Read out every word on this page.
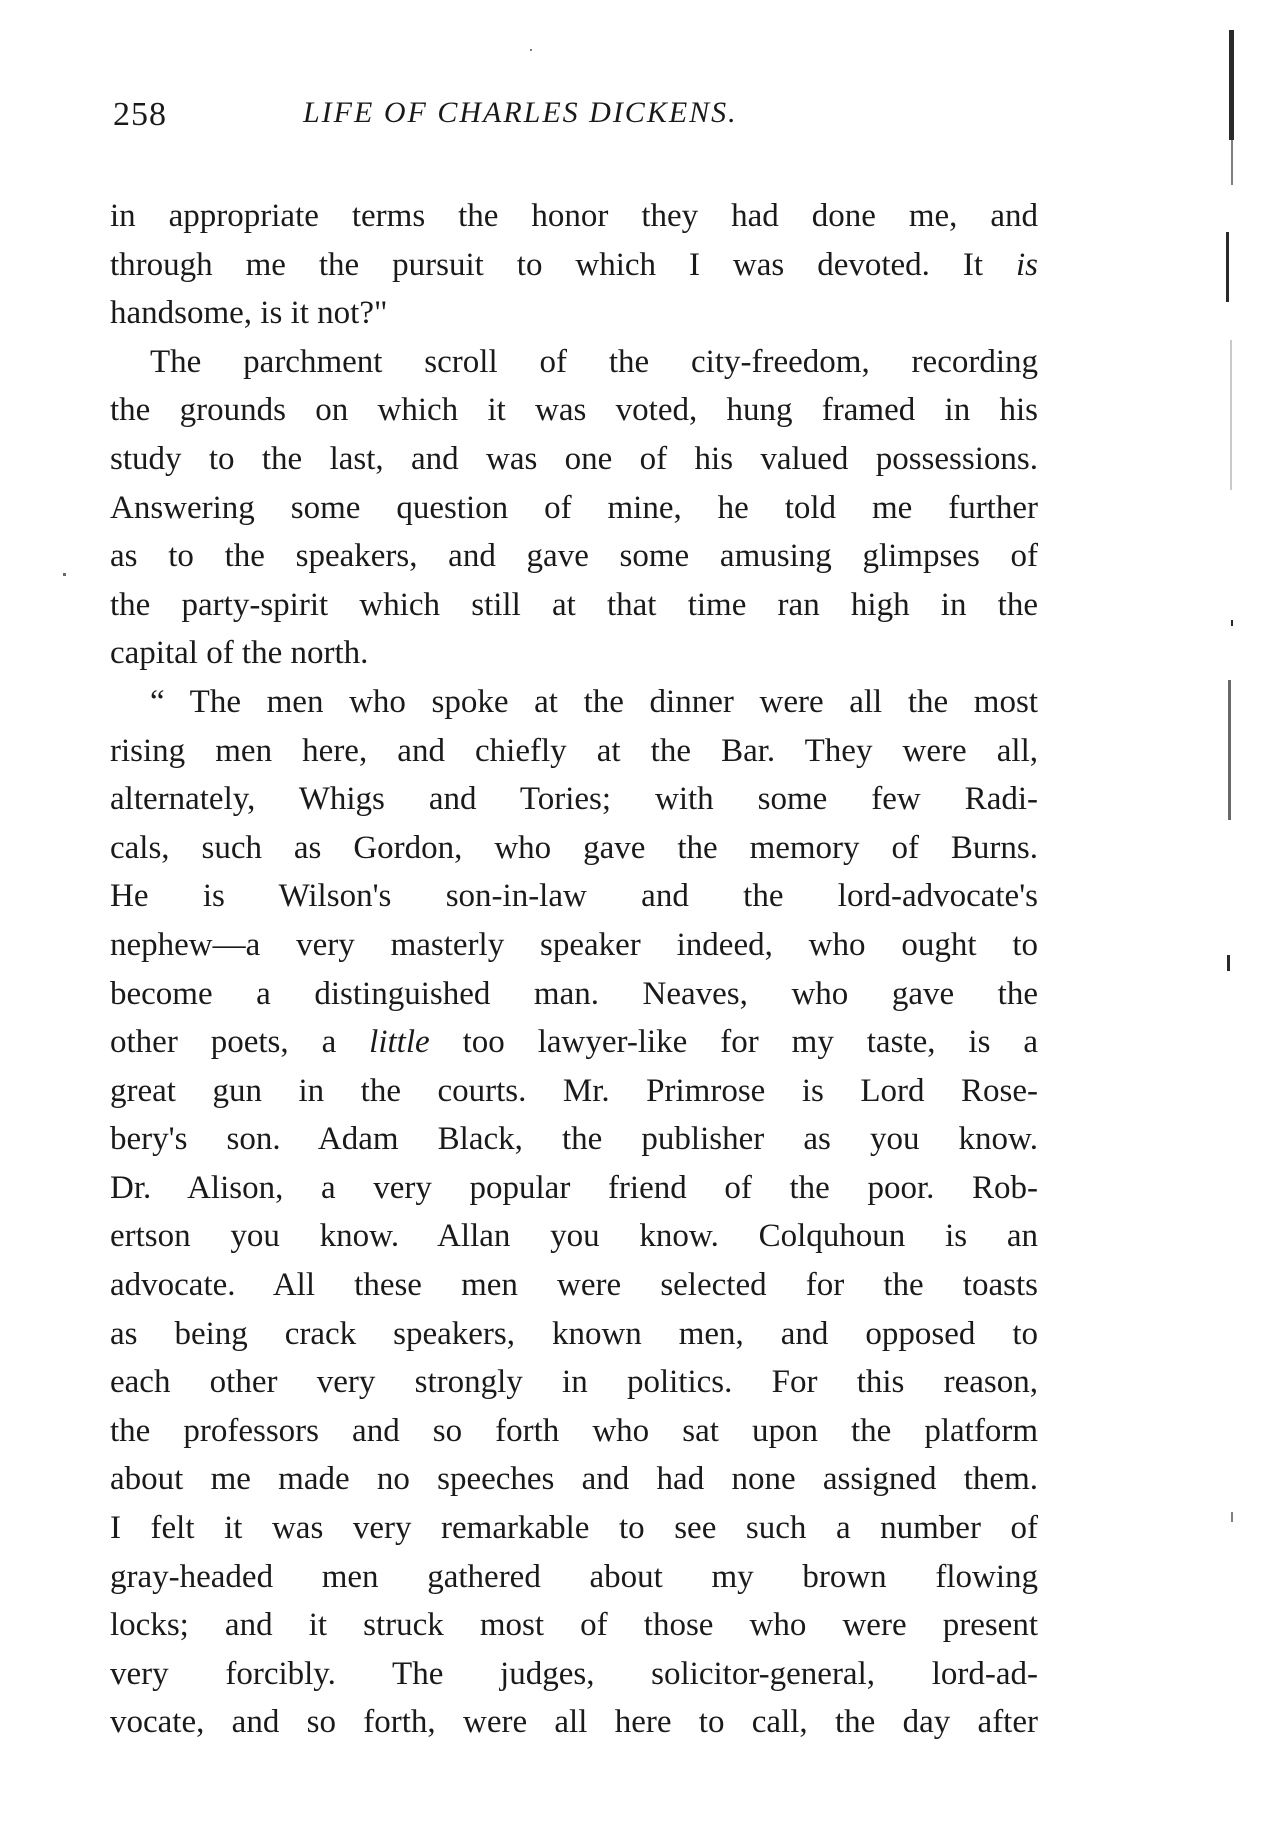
258	LIFE OF CHARLES DICKENS.
in appropriate terms the honor they had done me, and
through me the pursuit to which I was devoted. It is
handsome, is it not?"
The parchment scroll of the city-freedom, recording
the grounds on which it was voted, hung framed in his
study to the last, and was one of his valued possessions.
Answering some question of mine, he told me further
as to the speakers, and gave some amusing glimpses of
the party-spirit which still at that time ran high in the
capital of the north.
“ The men who spoke at the dinner were all the most
rising men here, and chiefly at the Bar. They were all,
alternately, Whigs and Tories; with some few Radi-
cals, such as Gordon, who gave the memory of Burns.
He is Wilson's son-in-law and the lord-advocate's
nephew—a very masterly speaker indeed, who ought to
become a distinguished man. Neaves, who gave the
other poets, a little too lawyer-like for my taste, is a
great gun in the courts. Mr. Primrose is Lord Rose-
bery's son. Adam Black, the publisher as you know.
Dr. Alison, a very popular friend of the poor. Rob-
ertson you know. Allan you know. Colquhoun is an
advocate. All these men were selected for the toasts
as being crack speakers, known men, and opposed to
each other very strongly in politics. For this reason,
the professors and so forth who sat upon the platform
about me made no speeches and had none assigned them.
I felt it was very remarkable to see such a number of
gray-headed men gathered about my brown flowing
locks; and it struck most of those who were present
very forcibly. The judges, solicitor-general, lord-ad-
vocate, and so forth, were all here to call, the day after
